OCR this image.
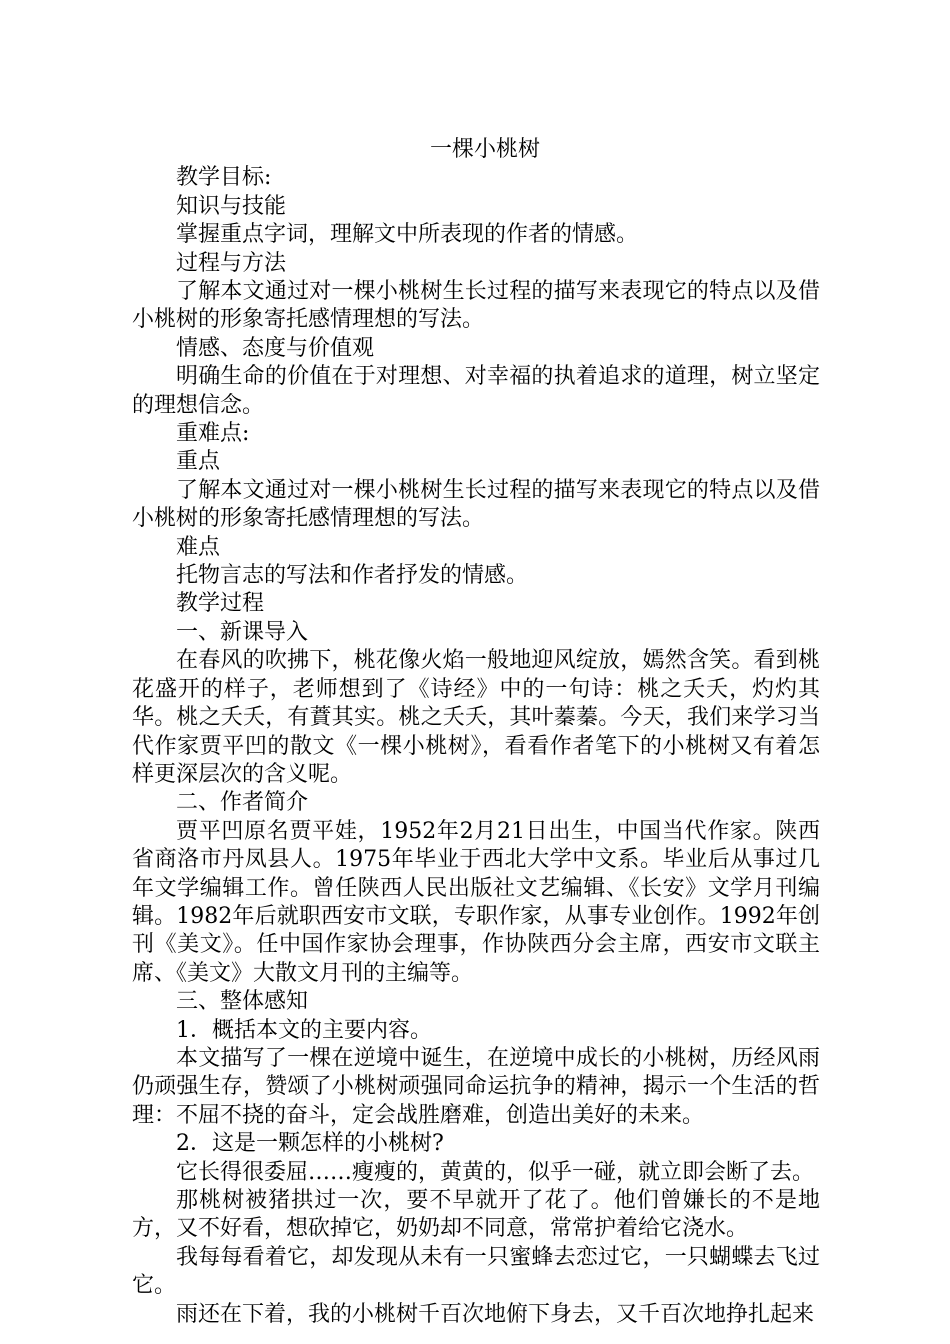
一棵小桃树

教学目标:

知识与技能

掌握重点字词，理解文中所表现的作者的情感。

过程与方法

了解本文通过对一棵小桃树生长过程的描写来表现它的特点以及借小桃树的形象寄托感情理想的写法。

情感、态度与价值观

明确生命的价值在于对理想、对幸福的执着追求的道理，树立坚定的理想信念。

重难点:

重点

了解本文通过对一棵小桃树生长过程的描写来表现它的特点以及借小桃树的形象寄托感情理想的写法。

难点

托物言志的写法和作者抒发的情感。

教学过程

一、新课导入

在春风的吹拂下，桃花像火焰一般地迎风绽放，嫣然含笑。看到桃花盛开的样子，老师想到了《诗经》中的一句诗：桃之夭夭，灼灼其华。桃之夭夭，有蕡其实。桃之夭夭，其叶蓁蓁。今天，我们来学习当代作家贾平凹的散文《一棵小桃树》，看看作者笔下的小桃树又有着怎样更深层次的含义呢。

二、作者简介

贾平凹原名贾平娃，1952年2月21日出生，中国当代作家。陕西省商洛市丹凤县人。1975年毕业于西北大学中文系。毕业后从事过几年文学编辑工作。曾任陕西人民出版社文艺编辑、《长安》文学月刊编辑。1982年后就职西安市文联，专职作家，从事专业创作。1992年创刊《美文》。任中国作家协会理事，作协陕西分会主席，西安市文联主席、《美文》大散文月刊的主编等。

三、整体感知

1．概括本文的主要内容。

本文描写了一棵在逆境中诞生，在逆境中成长的小桃树，历经风雨仍顽强生存，赞颂了小桃树顽强同命运抗争的精神，揭示一个生活的哲理：不屈不挠的奋斗，定会战胜磨难，创造出美好的未来。

2．这是一颗怎样的小桃树?

它长得很委屈……瘦瘦的，黄黄的，似乎一碰，就立即会断了去。

那桃树被猪拱过一次，要不早就开了花了。他们曾嫌长的不是地方，又不好看，想砍掉它，奶奶却不同意，常常护着给它浇水。

我每每看着它，却发现从未有一只蜜蜂去恋过它，一只蝴蝶去飞过它。

雨还在下着，我的小桃树千百次地俯下身去，又千百次地挣扎起来
